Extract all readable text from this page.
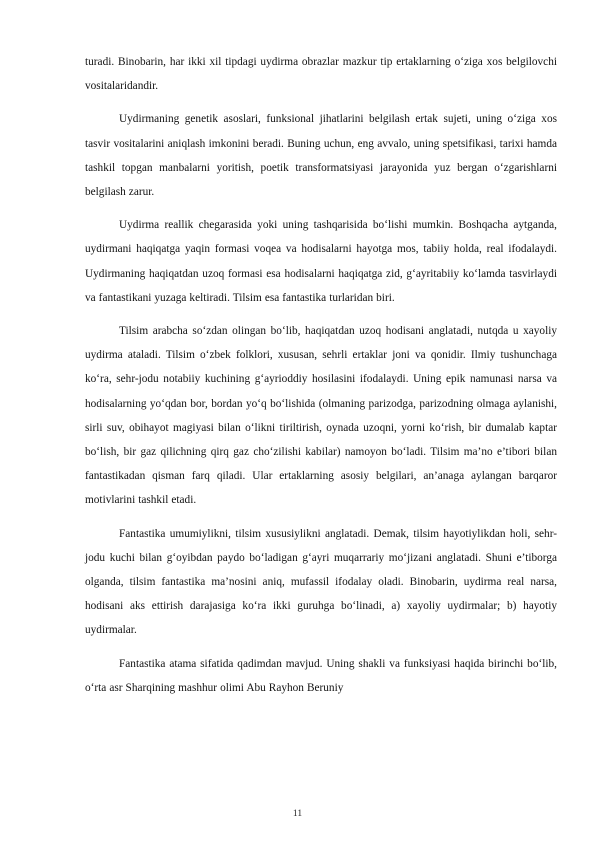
turadi. Binobarin, har ikki xil tipdagi uydirma obrazlar mazkur tip ertaklarning o‘ziga xos belgilovchi vositalaridandir.

Uydirmaning genetik asoslari, funksional jihatlarini belgilash ertak sujeti, uning o‘ziga xos tasvir vositalarini aniqlash imkonini beradi. Buning uchun, eng avvalo, uning spetsifikasi, tarixi hamda tashkil topgan manbalarni yoritish, poetik transformatsiyasi jarayonida yuz bergan o‘zgarishlarni belgilash zarur.

Uydirma reallik chegarasida yoki uning tashqarisida bo‘lishi mumkin. Boshqacha aytganda, uydirmani haqiqatga yaqin formasi voqea va hodisalarni hayotga mos, tabiiy holda, real ifodalaydi. Uydirmaning haqiqatdan uzoq formasi esa hodisalarni haqiqatga zid, g‘ayritabiiy ko‘lamda tasvirlaydi va fantastikani yuzaga keltiradi. Tilsim esa fantastika turlaridan biri.

Tilsim arabcha so‘zdan olingan bo‘lib, haqiqatdan uzoq hodisani anglatadi, nutqda u xayoliy uydirma ataladi. Tilsim o‘zbek folklori, xususan, sehrli ertaklar joni va qonidir. Ilmiy tushunchaga ko‘ra, sehr-jodu notabiiy kuchining g‘ayrioddiy hosilasini ifodalaydi. Uning epik namunasi narsa va hodisalarning yo‘qdan bor, bordan yo‘q bo‘lishida (olmaning parizodga, parizodning olmaga aylanishi, sirli suv, obihayot magiyasi bilan o‘likni tiriltirish, oynada uzoqni, yorni ko‘rish, bir dumalab kaptar bo‘lish, bir gaz qilichning qirq gaz cho‘zilishi kabilar) namoyon bo‘ladi. Tilsim ma’no e’tibori bilan fantastikadan qisman farq qiladi. Ular ertaklarning asosiy belgilari, an’anaga aylangan barqaror motivlarini tashkil etadi.

Fantastika umumiylikni, tilsim xususiylikni anglatadi. Demak, tilsim hayotiylikdan holi, sehr-jodu kuchi bilan g‘oyibdan paydo bo‘ladigan g‘ayri muqarrariy mo‘jizani anglatadi. Shuni e’tiborga olganda, tilsim fantastika ma’nosini aniq, mufassil ifodalay oladi. Binobarin, uydirma real narsa, hodisani aks ettirish darajasiga ko‘ra ikki guruhga bo‘linadi, a) xayoliy uydirmalar; b) hayotiy uydirmalar.

Fantastika atama sifatida qadimdan mavjud. Uning shakli va funksiyasi haqida birinchi bo‘lib, o‘rta asr Sharqining mashhur olimi Abu Rayhon Beruniy

11
